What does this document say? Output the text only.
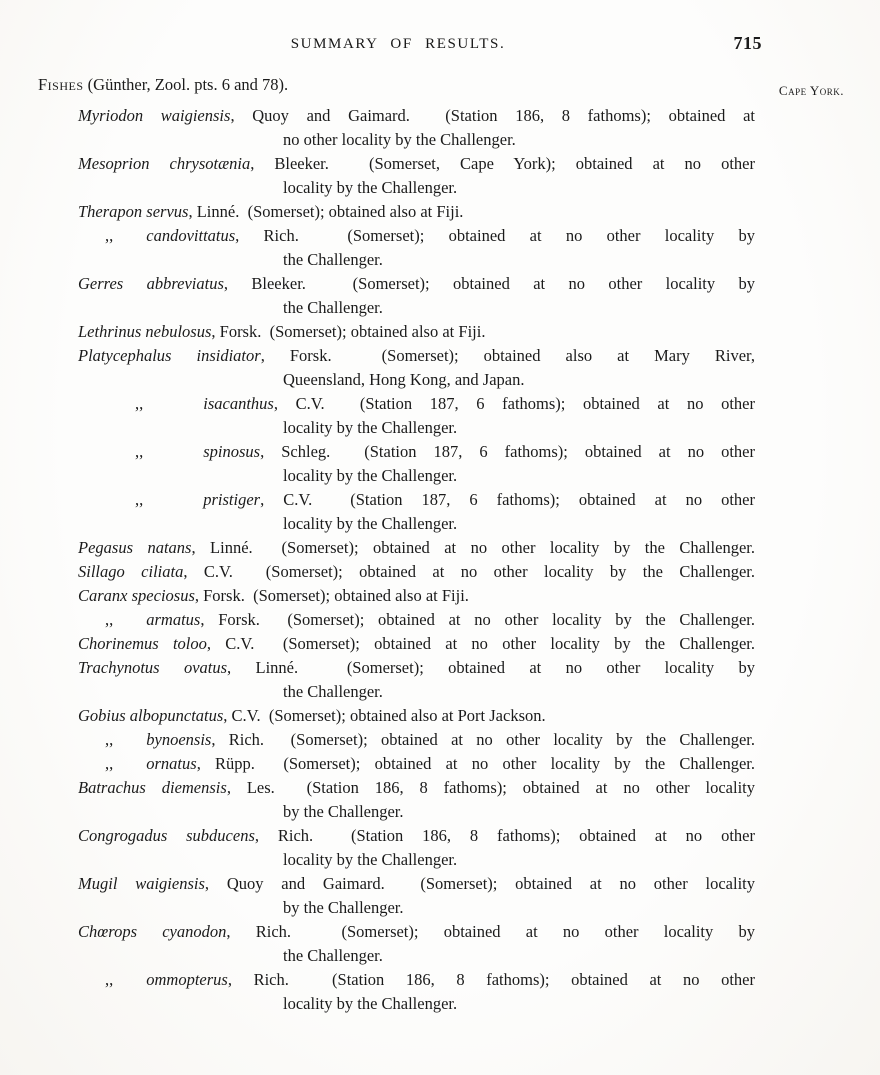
SUMMARY OF RESULTS.	715
Fishes (Günther, Zool. pts. 6 and 78).	Cape York.
Myriodon waigiensis, Quoy and Gaimard.  (Station 186, 8 fathoms); obtained at
no other locality by the Challenger.
Mesoprion chrysotænia, Bleeker.  (Somerset, Cape York); obtained at no other
locality by the Challenger.
Therapon servus, Linné.  (Somerset); obtained also at Fiji.
,, candovittatus, Rich.  (Somerset); obtained at no other locality by
the Challenger.
Gerres abbreviatus, Bleeker.  (Somerset); obtained at no other locality by
the Challenger.
Lethrinus nebulosus, Forsk.  (Somerset); obtained also at Fiji.
Platycephalus insidiator, Forsk.  (Somerset); obtained also at Mary River,
Queensland, Hong Kong, and Japan.
,,	isacanthus, C.V.  (Station 187, 6 fathoms); obtained at no other
locality by the Challenger.
,,	spinosus, Schleg.  (Station 187, 6 fathoms); obtained at no other
locality by the Challenger.
,,	pristiger, C.V.  (Station 187, 6 fathoms); obtained at no other
locality by the Challenger.
Pegasus natans, Linné.  (Somerset); obtained at no other locality by the Challenger.
Sillago ciliata, C.V.  (Somerset); obtained at no other locality by the Challenger.
Caranx speciosus, Forsk.  (Somerset); obtained also at Fiji.
,, armatus, Forsk.  (Somerset); obtained at no other locality by the Challenger.
Chorinemus toloo, C.V.  (Somerset); obtained at no other locality by the Challenger.
Trachynotus ovatus, Linné.  (Somerset); obtained at no other locality by
the Challenger.
Gobius albopunctatus, C.V.  (Somerset); obtained also at Port Jackson.
,, bynoensis, Rich.  (Somerset); obtained at no other locality by the Challenger.
,, ornatus, Rüpp.  (Somerset); obtained at no other locality by the Challenger.
Batrachus diemensis, Les.  (Station 186, 8 fathoms); obtained at no other locality
by the Challenger.
Congrogadus subducens, Rich.  (Station 186, 8 fathoms); obtained at no other
locality by the Challenger.
Mugil waigiensis, Quoy and Gaimard.  (Somerset); obtained at no other locality
by the Challenger.
Chœrops cyanodon, Rich.  (Somerset); obtained at no other locality by
the Challenger.
,, ommopterus, Rich.  (Station 186, 8 fathoms); obtained at no other
locality by the Challenger.
